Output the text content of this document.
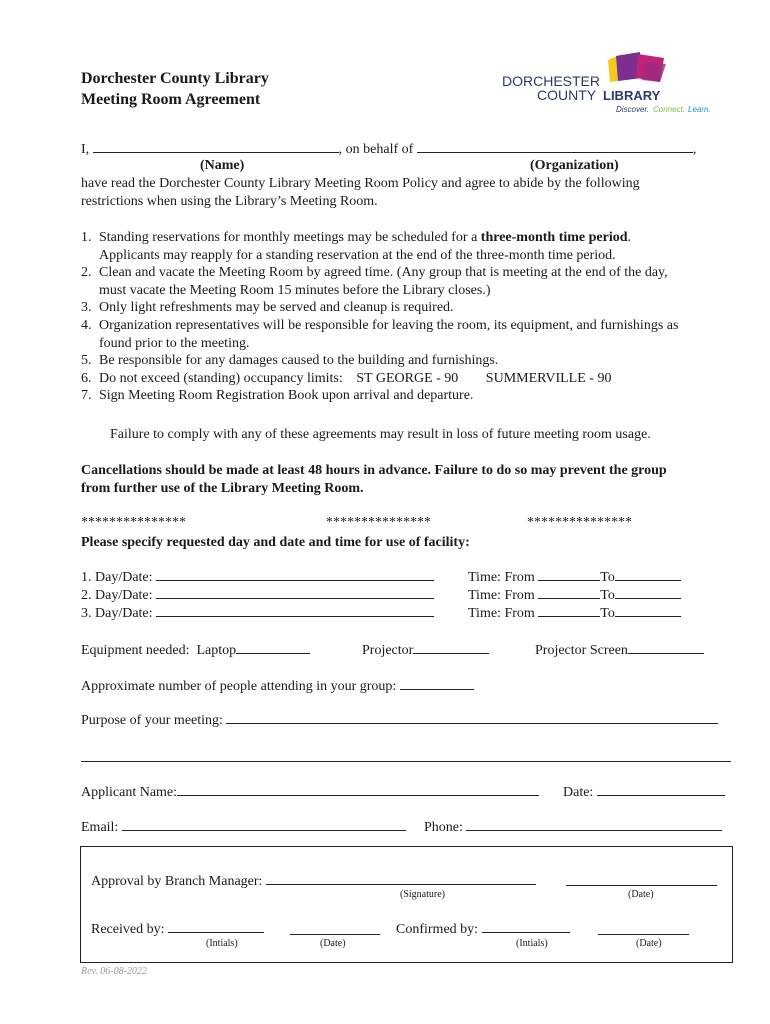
Dorchester County Library
Meeting Room Agreement
DORCHESTER
COUNTY LIBRARY
Discover. Connect. Learn.
I,	, on behalf of	,
(Name)	(Organization)
have read the Dorchester County Library Meeting Room Policy and agree to abide by the following
restrictions when using the Library’s Meeting Room.
1. Standing reservations for monthly meetings may be scheduled for a three-month time period.
Applicants may reapply for a standing reservation at the end of the three-month time period.
2. Clean and vacate the Meeting Room by agreed time. (Any group that is meeting at the end of the day,
must vacate the Meeting Room 15 minutes before the Library closes.)
3. Only light refreshments may be served and cleanup is required.
4. Organization representatives will be responsible for leaving the room, its equipment, and furnishings as
found prior to the meeting.
5. Be responsible for any damages caused to the building and furnishings.
6. Do not exceed (standing) occupancy limits: ST GEORGE - 90 SUMMERVILLE - 90
7. Sign Meeting Room Registration Book upon arrival and departure.
Failure to comply with any of these agreements may result in loss of future meeting room usage.
Cancellations should be made at least 48 hours in advance. Failure to do so may prevent the group
from further use of the Library Meeting Room.
***************	***************	***************
Please specify requested day and date and time for use of facility:
1. Day/Date:	Time: From	To
2. Day/Date:	Time: From	To
3. Day/Date:	Time: From	To
Equipment needed: Laptop	Projector	Projector Screen
Approximate number of people attending in your group:
Purpose of your meeting:
Applicant Name:	Date:
Email:	Phone:
Approval by Branch Manager:
(Signature)	(Date)
Received by:	Confirmed by:
(Intials)	(Date)	(Intials)	(Date)
Rev. 06-08-2022
